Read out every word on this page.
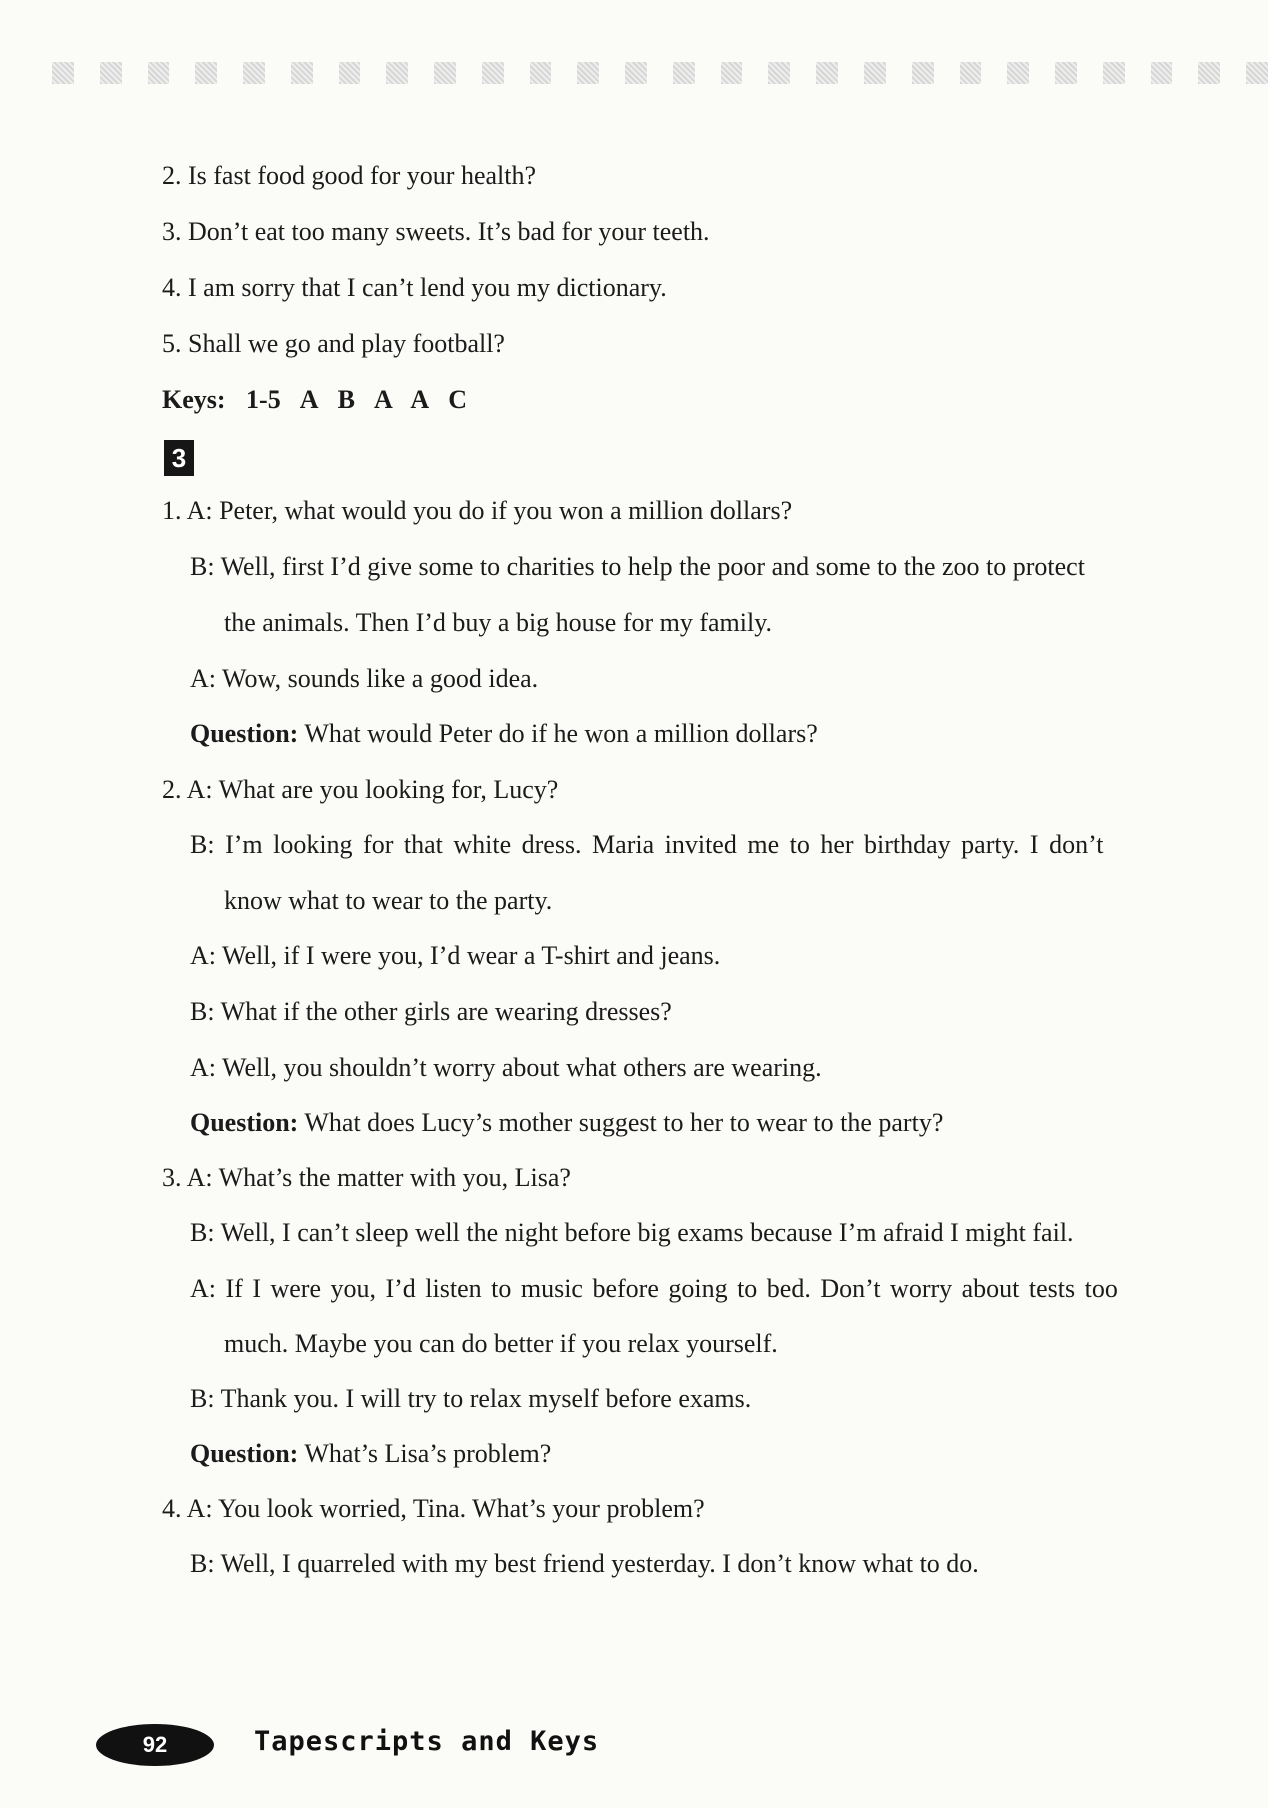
2. Is fast food good for your health?
3. Don’t eat too many sweets. It’s bad for your teeth.
4. I am sorry that I can’t lend you my dictionary.
5. Shall we go and play football?
Keys: 1-5 A B A A C
3
1. A: Peter, what would you do if you won a million dollars?
B: Well, first I’d give some to charities to help the poor and some to the zoo to protect
the animals. Then I’d buy a big house for my family.
A: Wow, sounds like a good idea.
Question: What would Peter do if he won a million dollars?
2. A: What are you looking for, Lucy?
B: I’m looking for that white dress. Maria invited me to her birthday party. I don’t
know what to wear to the party.
A: Well, if I were you, I’d wear a T-shirt and jeans.
B: What if the other girls are wearing dresses?
A: Well, you shouldn’t worry about what others are wearing.
Question: What does Lucy’s mother suggest to her to wear to the party?
3. A: What’s the matter with you, Lisa?
B: Well, I can’t sleep well the night before big exams because I’m afraid I might fail.
A: If I were you, I’d listen to music before going to bed. Don’t worry about tests too
much. Maybe you can do better if you relax yourself.
B: Thank you. I will try to relax myself before exams.
Question: What’s Lisa’s problem?
4. A: You look worried, Tina. What’s your problem?
B: Well, I quarreled with my best friend yesterday. I don’t know what to do.
92	Tapescripts and Keys
